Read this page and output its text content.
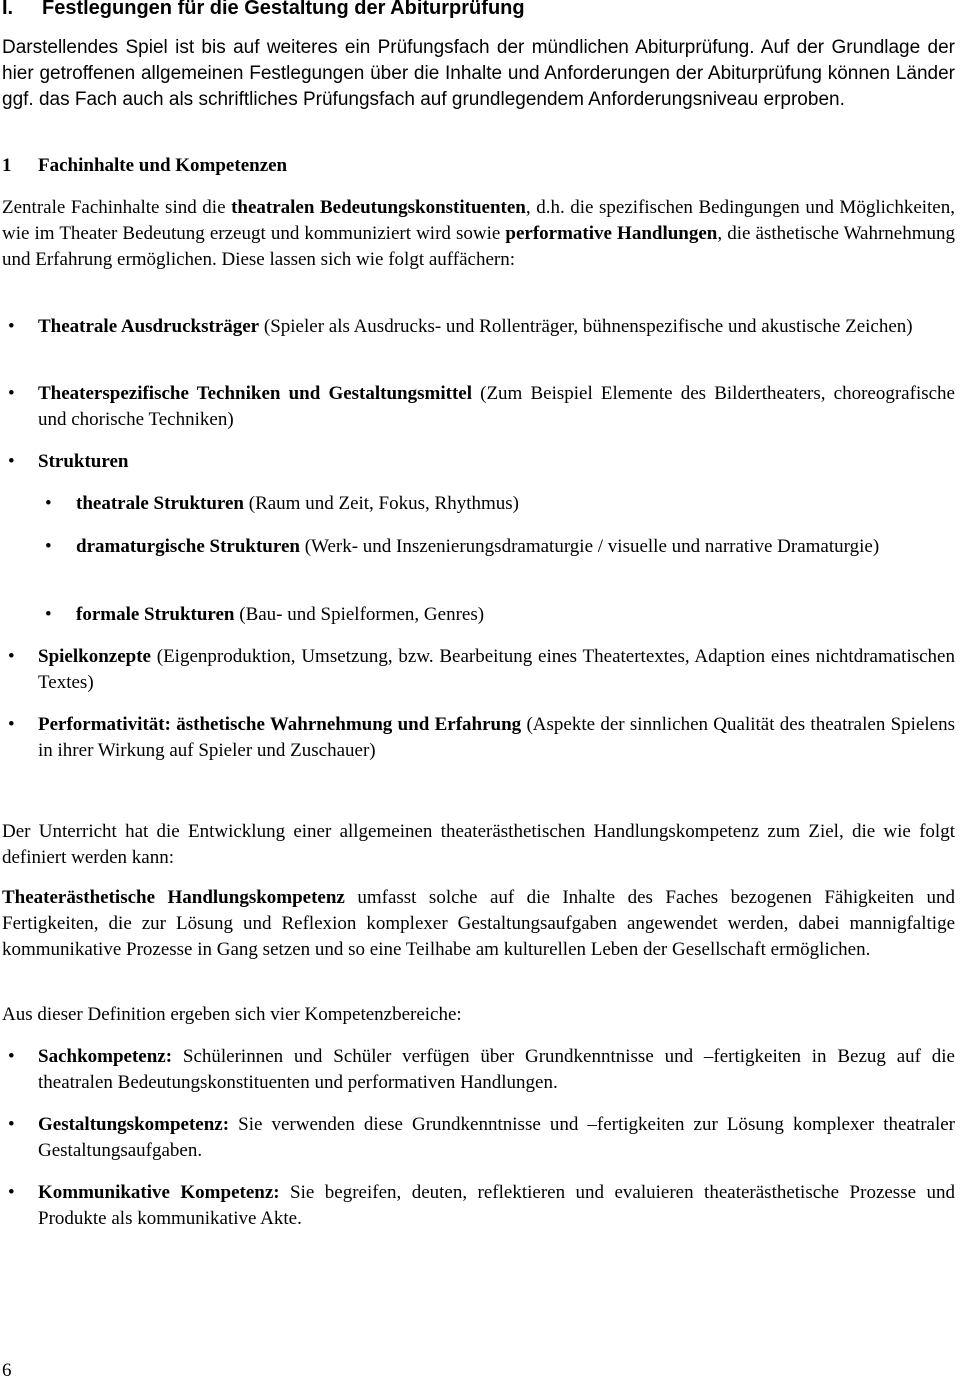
I. Festlegungen für die Gestaltung der Abiturprüfung
Darstellendes Spiel ist bis auf weiteres ein Prüfungsfach der mündlichen Abiturprüfung. Auf der Grundlage der hier getroffenen allgemeinen Festlegungen über die Inhalte und Anforderungen der Abiturprüfung können Länder ggf. das Fach auch als schriftliches Prüfungsfach auf grundlegendem Anforderungsniveau erproben.
1 Fachinhalte und Kompetenzen
Zentrale Fachinhalte sind die theatralen Bedeutungskonstituenten, d.h. die spezifischen Bedingungen und Möglichkeiten, wie im Theater Bedeutung erzeugt und kommuniziert wird sowie performative Handlungen, die ästhetische Wahrnehmung und Erfahrung ermöglichen. Diese lassen sich wie folgt auffächern:
• Theatrale Ausdrucksträger (Spieler als Ausdrucks- und Rollenträger, bühnenspezifische und akustische Zeichen)
• Theaterspezifische Techniken und Gestaltungsmittel (Zum Beispiel Elemente des Bildertheaters, choreografische und chorische Techniken)
• Strukturen
• theatrale Strukturen (Raum und Zeit, Fokus, Rhythmus)
• dramaturgische Strukturen (Werk- und Inszenierungsdramaturgie / visuelle und narrative Dramaturgie)
• formale Strukturen (Bau- und Spielformen, Genres)
• Spielkonzepte (Eigenproduktion, Umsetzung, bzw. Bearbeitung eines Theatertextes, Adaption eines nichtdramatischen Textes)
• Performativität: ästhetische Wahrnehmung und Erfahrung (Aspekte der sinnlichen Qualität des theatralen Spielens in ihrer Wirkung auf Spieler und Zuschauer)
Der Unterricht hat die Entwicklung einer allgemeinen theaterästhetischen Handlungskompetenz zum Ziel, die wie folgt definiert werden kann:
Theaterästhetische Handlungskompetenz umfasst solche auf die Inhalte des Faches bezogenen Fähigkeiten und Fertigkeiten, die zur Lösung und Reflexion komplexer Gestaltungsaufgaben angewendet werden, dabei mannigfaltige kommunikative Prozesse in Gang setzen und so eine Teilhabe am kulturellen Leben der Gesellschaft ermöglichen.
Aus dieser Definition ergeben sich vier Kompetenzbereiche:
• Sachkompetenz: Schülerinnen und Schüler verfügen über Grundkenntnisse und –fertigkeiten in Bezug auf die theatralen Bedeutungskonstituenten und performativen Handlungen.
• Gestaltungskompetenz: Sie verwenden diese Grundkenntnisse und –fertigkeiten zur Lösung komplexer theatraler Gestaltungsaufgaben.
• Kommunikative Kompetenz: Sie begreifen, deuten, reflektieren und evaluieren theaterästhetische Prozesse und Produkte als kommunikative Akte.
6
